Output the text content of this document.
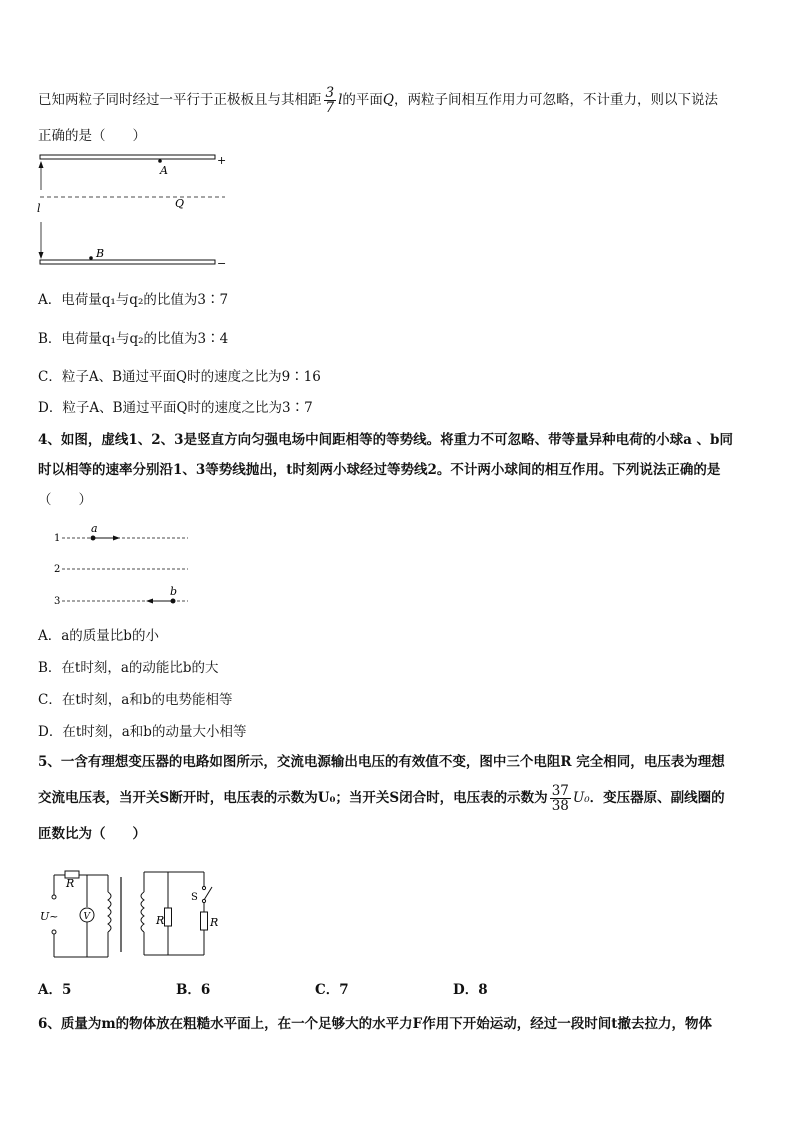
已知两粒子同时经过一平行于正极板且与其相距 $\frac{3}{7}$ l的平面Q，两粒子间相互作用力可忽略，不计重力，则以下说法
正确的是（　　）
+
Q
−
A
B
l
A．电荷量q₁与q₂的比值为3∶7
B．电荷量q₁与q₂的比值为3∶4
C．粒子A、B通过平面Q时的速度之比为9∶16
D．粒子A、B通过平面Q时的速度之比为3∶7
4、如图，虚线1、2、3是竖直方向匀强电场中间距相等的等势线。将重力不可忽略、带等量异种电荷的小球a 、b同
时以相等的速率分别沿1、3等势线抛出，t时刻两小球经过等势线2。不计两小球间的相互作用。下列说法正确的是
（　　）
1
2
3
a
b
A．a的质量比b的小
B．在t时刻，a的动能比b的大
C．在t时刻，a和b的电势能相等
D．在t时刻，a和b的动量大小相等
5、一含有理想变压器的电路如图所示，交流电源输出电压的有效值不变，图中三个电阻R 完全相同，电压表为理想
交流电压表，当开关S断开时，电压表的示数为U₀；当开关S闭合时，电压表的示数为 $\frac{37}{38} U_0$．变压器原、副线圈的
匝数比为（　　）
R
U~	V	R
S
R
A．5	B．6	C．7	D．8
6、质量为m的物体放在粗糙水平面上，在一个足够大的水平力F作用下开始运动，经过一段时间t撤去拉力，物体
